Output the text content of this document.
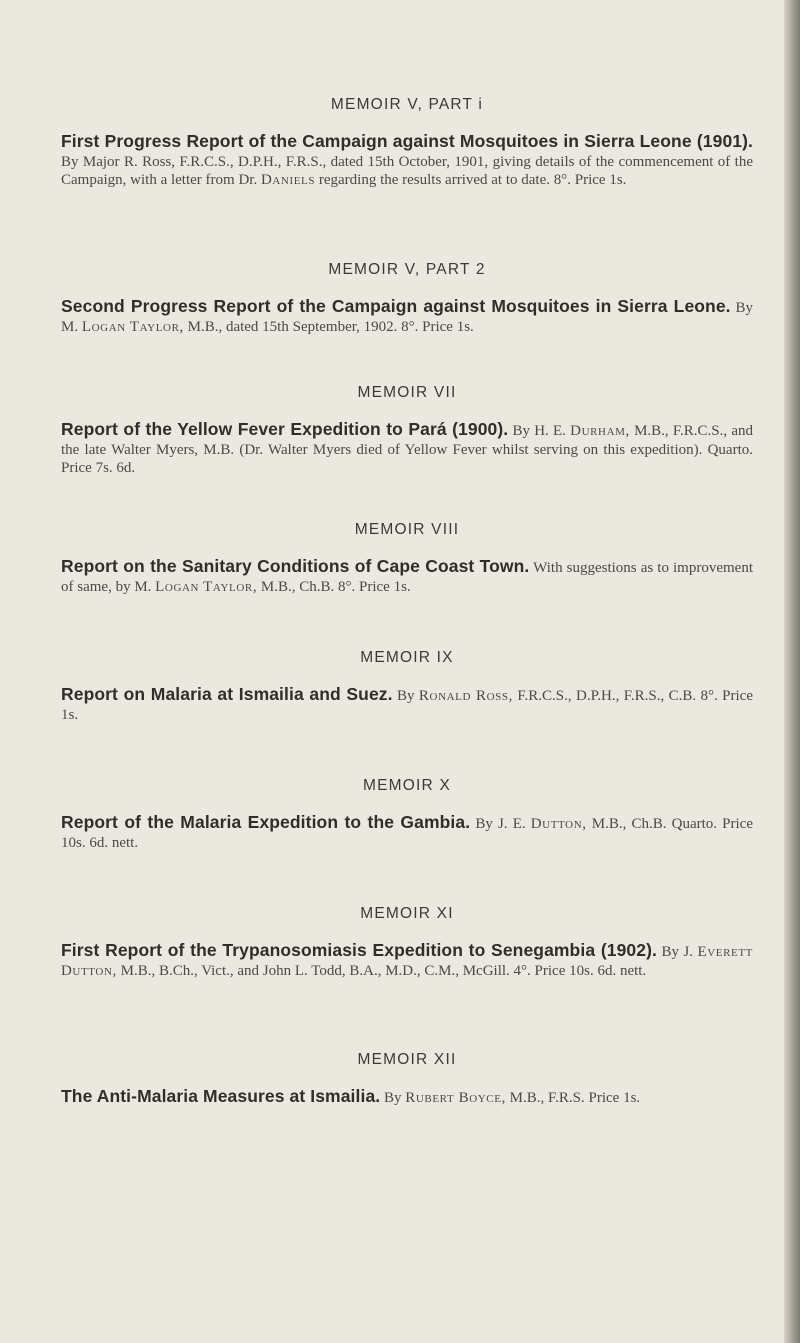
MEMOIR V, PART i
First Progress Report of the Campaign against Mosquitoes in Sierra Leone (1901). By Major R. Ross, F.R.C.S., D.P.H., F.R.S., dated 15th October, 1901, giving details of the commencement of the Campaign, with a letter from Dr. Daniels regarding the results arrived at to date. 8°. Price 1s.
MEMOIR V, PART 2
Second Progress Report of the Campaign against Mosquitoes in Sierra Leone. By M. Logan Taylor, M.B., dated 15th September, 1902. 8°. Price 1s.
MEMOIR VII
Report of the Yellow Fever Expedition to Pará (1900). By H. E. Durham, M.B., F.R.C.S., and the late Walter Myers, M.B. (Dr. Walter Myers died of Yellow Fever whilst serving on this expedition). Quarto. Price 7s. 6d.
MEMOIR VIII
Report on the Sanitary Conditions of Cape Coast Town. With suggestions as to improvement of same, by M. Logan Taylor, M.B., Ch.B. 8°. Price 1s.
MEMOIR IX
Report on Malaria at Ismailia and Suez. By Ronald Ross, F.R.C.S., D.P.H., F.R.S., C.B. 8°. Price 1s.
MEMOIR X
Report of the Malaria Expedition to the Gambia. By J. E. Dutton, M.B., Ch.B. Quarto. Price 10s. 6d. nett.
MEMOIR XI
First Report of the Trypanosomiasis Expedition to Senegambia (1902). By J. Everett Dutton, M.B., B.Ch., Vict., and John L. Todd, B.A., M.D., C.M., McGill. 4°. Price 10s. 6d. nett.
MEMOIR XII
The Anti-Malaria Measures at Ismailia. By Rubert Boyce, M.B., F.R.S. Price 1s.
